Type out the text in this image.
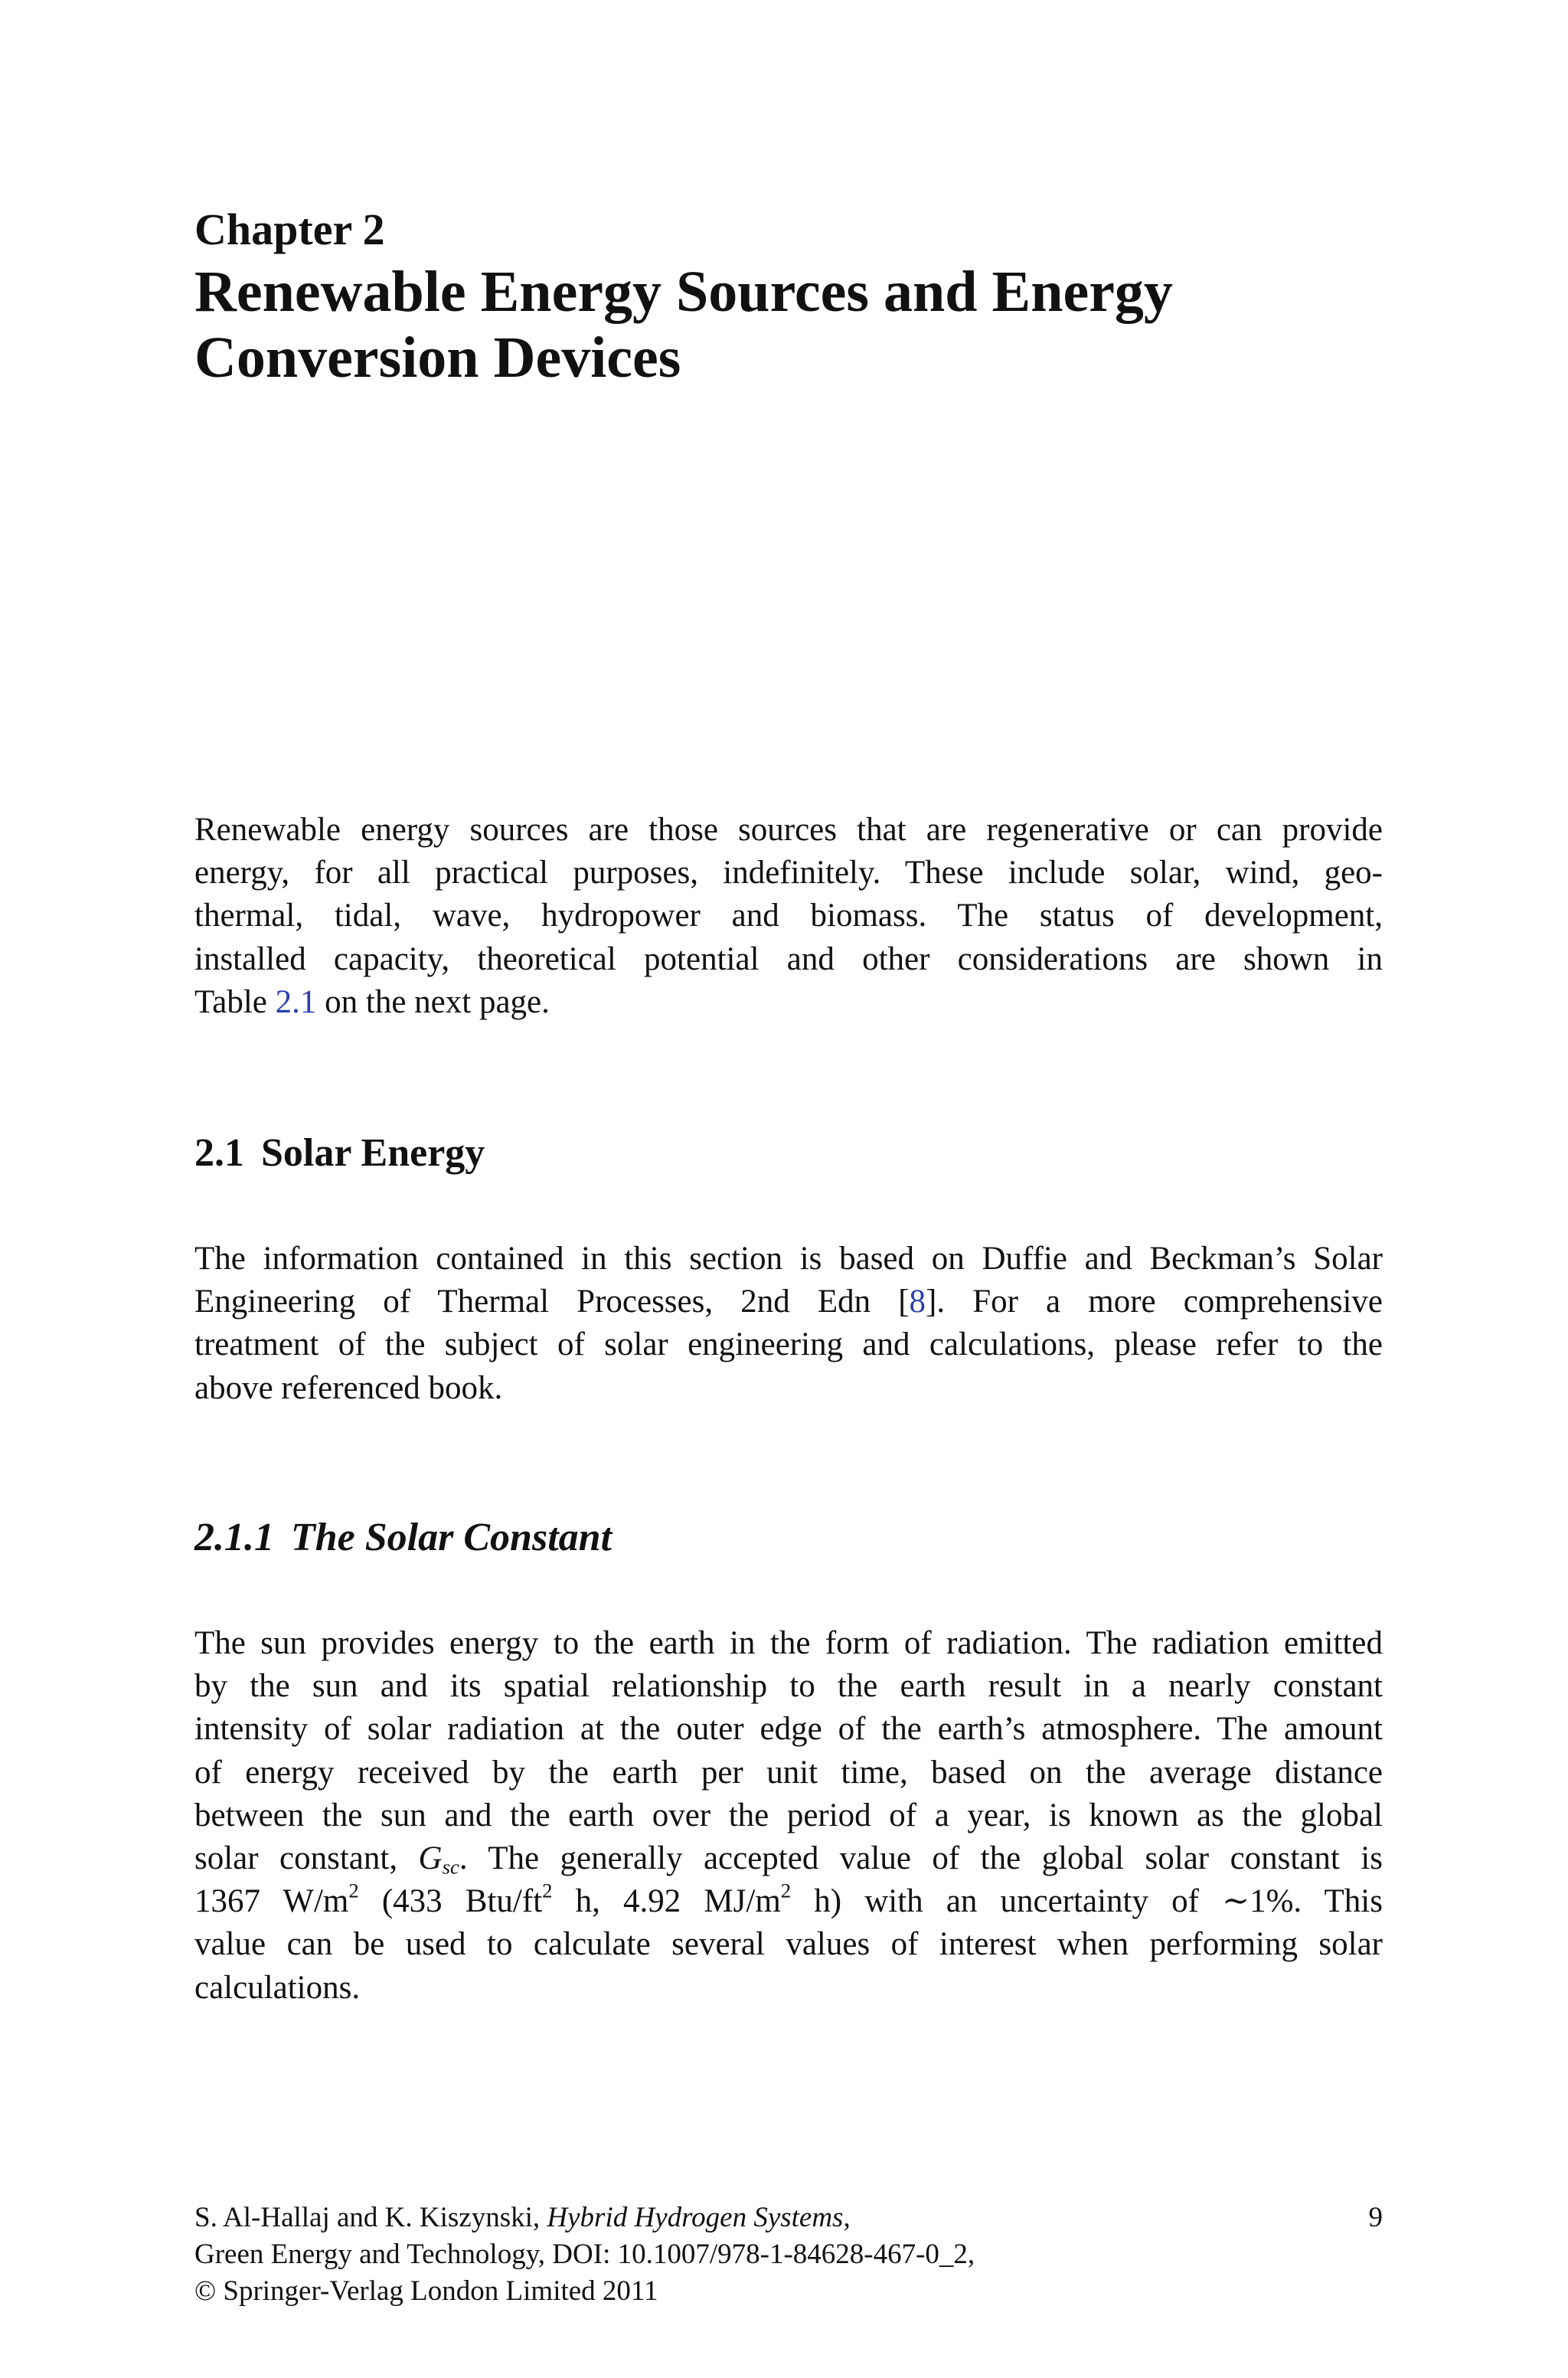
Chapter 2
Renewable Energy Sources and Energy
Conversion Devices

Renewable energy sources are those sources that are regenerative or can provide
energy, for all practical purposes, indefinitely. These include solar, wind, geo-
thermal, tidal, wave, hydropower and biomass. The status of development,
installed capacity, theoretical potential and other considerations are shown in
Table 2.1 on the next page.

2.1 Solar Energy

The information contained in this section is based on Duffie and Beckman’s Solar
Engineering of Thermal Processes, 2nd Edn [8]. For a more comprehensive
treatment of the subject of solar engineering and calculations, please refer to the
above referenced book.

2.1.1 The Solar Constant

The sun provides energy to the earth in the form of radiation. The radiation emitted
by the sun and its spatial relationship to the earth result in a nearly constant
intensity of solar radiation at the outer edge of the earth’s atmosphere. The amount
of energy received by the earth per unit time, based on the average distance
between the sun and the earth over the period of a year, is known as the global
solar constant, $G_{sc}$. The generally accepted value of the global solar constant is
1367 $W/m^2$ (433 Btu/$ft^2$ h, 4.92 $MJ/m^2$ h) with an uncertainty of ∼1%. This
value can be used to calculate several values of interest when performing solar
calculations.

S. Al-Hallaj and K. Kiszynski, Hybrid Hydrogen Systems,
Green Energy and Technology, DOI: 10.1007/978-1-84628-467-0_2,
© Springer-Verlag London Limited 2011
9
